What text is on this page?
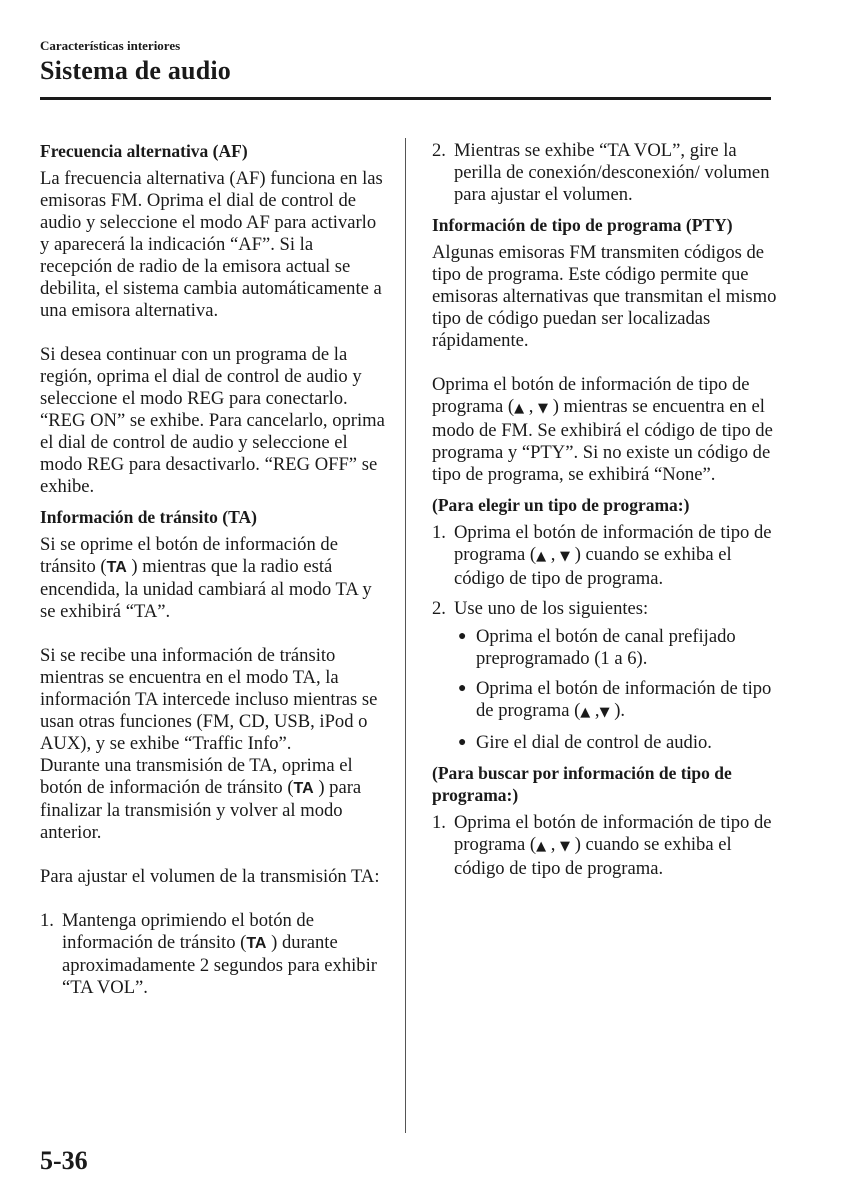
Características interiores
Sistema de audio
Frecuencia alternativa (AF)

La frecuencia alternativa (AF) funciona en las emisoras FM. Oprima el dial de control de audio y seleccione el modo AF para activarlo y aparecerá la indicación “AF”. Si la recepción de radio de la emisora actual se debilita, el sistema cambia automáticamente a una emisora alternativa.

Si desea continuar con un programa de la región, oprima el dial de control de audio y seleccione el modo REG para conectarlo. “REG ON” se exhibe. Para cancelarlo, oprima el dial de control de audio y seleccione el modo REG para desactivarlo. “REG OFF” se exhibe.

Información de tránsito (TA)

Si se oprime el botón de información de tránsito (TA ) mientras que la radio está encendida, la unidad cambiará al modo TA y se exhibirá “TA”.

Si se recibe una información de tránsito mientras se encuentra en el modo TA, la información TA intercede incluso mientras se usan otras funciones (FM, CD, USB, iPod o AUX), y se exhibe “Traffic Info”.

Durante una transmisión de TA, oprima el botón de información de tránsito (TA ) para finalizar la transmisión y volver al modo anterior.

Para ajustar el volumen de la transmisión TA:

1. Mantenga oprimiendo el botón de información de tránsito (TA ) durante aproximadamente 2 segundos para exhibir “TA VOL”.
2. Mientras se exhibe “TA VOL”, gire la perilla de conexión/desconexión/ volumen para ajustar el volumen.
Información de tipo de programa (PTY)

Algunas emisoras FM transmiten códigos de tipo de programa. Este código permite que emisoras alternativas que transmitan el mismo tipo de código puedan ser localizadas rápidamente.

Oprima el botón de información de tipo de programa (▲ , ▼ ) mientras se encuentra en el modo de FM. Se exhibirá el código de tipo de programa y “PTY”. Si no existe un código de tipo de programa, se exhibirá “None”.

(Para elegir un tipo de programa:)
1. Oprima el botón de información de tipo de programa (▲ , ▼ ) cuando se exhiba el código de tipo de programa.
2. Use uno de los siguientes:
● Oprima el botón de canal prefijado preprogramado (1 a 6).
● Oprima el botón de información de tipo de programa (▲ ,▼ ).
● Gire el dial de control de audio.
(Para buscar por información de tipo de programa:)
1. Oprima el botón de información de tipo de programa (▲ , ▼ ) cuando se exhiba el código de tipo de programa.
5-36
